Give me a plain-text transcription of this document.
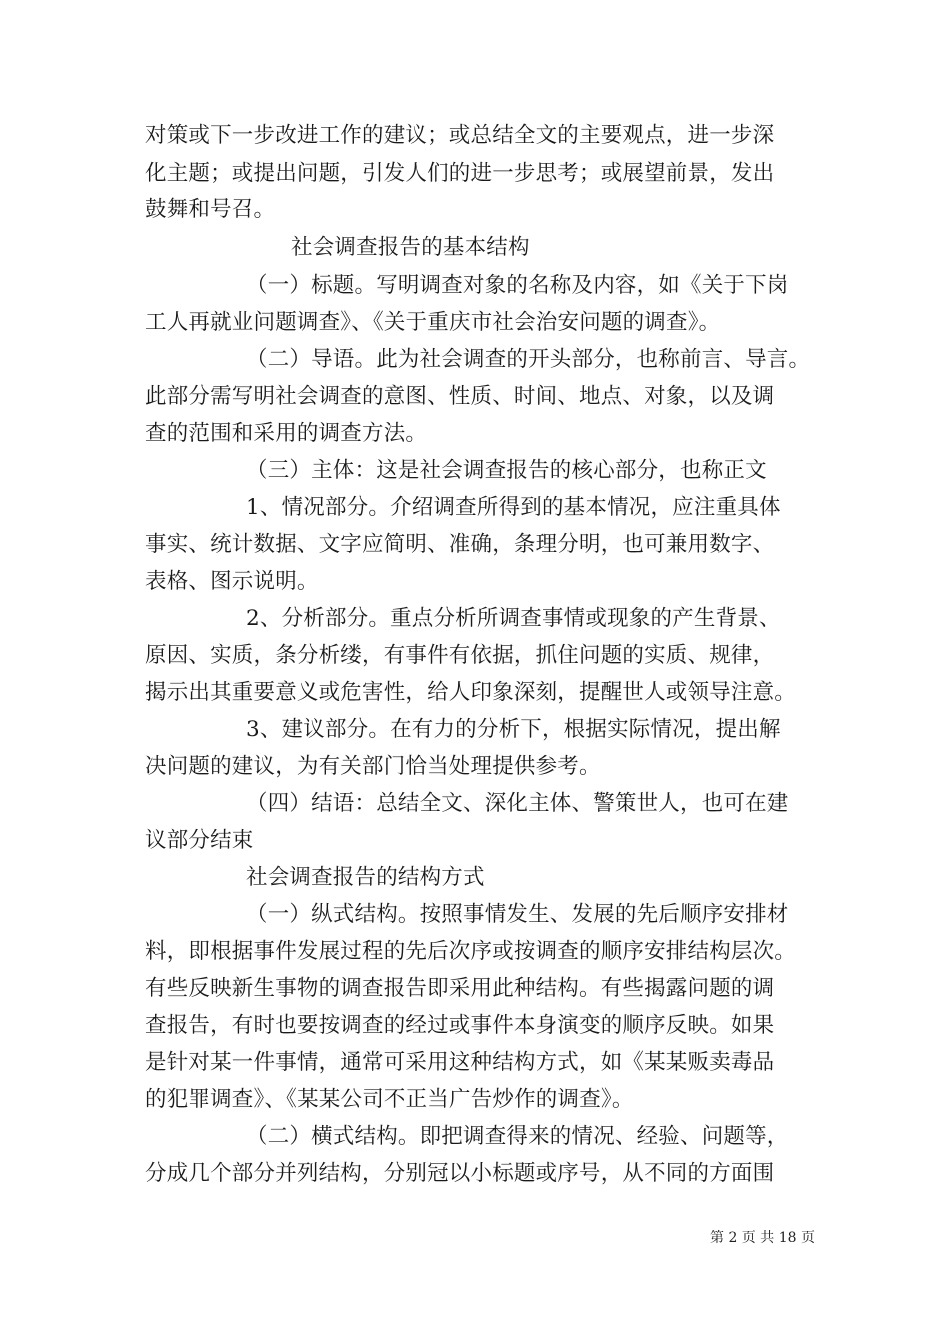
对策或下一步改进工作的建议；或总结全文的主要观点，进一步深
化主题；或提出问题，引发人们的进一步思考；或展望前景，发出
鼓舞和号召。
社会调查报告的基本结构
（一）标题。写明调查对象的名称及内容，如《关于下岗
工人再就业问题调查》、《关于重庆市社会治安问题的调查》。
（二）导语。此为社会调查的开头部分，也称前言、导言。
此部分需写明社会调查的意图、性质、时间、地点、对象，以及调
查的范围和采用的调查方法。
（三）主体：这是社会调查报告的核心部分，也称正文
1、情况部分。介绍调查所得到的基本情况，应注重具体
事实、统计数据、文字应简明、准确，条理分明，也可兼用数字、
表格、图示说明。
2、分析部分。重点分析所调查事情或现象的产生背景、
原因、实质，条分析缕，有事件有依据，抓住问题的实质、规律，
揭示出其重要意义或危害性，给人印象深刻，提醒世人或领导注意。
3、建议部分。在有力的分析下，根据实际情况，提出解
决问题的建议，为有关部门恰当处理提供参考。
（四）结语：总结全文、深化主体、警策世人，也可在建
议部分结束
社会调查报告的结构方式
（一）纵式结构。按照事情发生、发展的先后顺序安排材
料，即根据事件发展过程的先后次序或按调查的顺序安排结构层次。
有些反映新生事物的调查报告即采用此种结构。有些揭露问题的调
查报告，有时也要按调查的经过或事件本身演变的顺序反映。如果
是针对某一件事情，通常可采用这种结构方式，如《某某贩卖毒品
的犯罪调查》、《某某公司不正当广告炒作的调查》。
（二）横式结构。即把调查得来的情况、经验、问题等，
分成几个部分并列结构，分别冠以小标题或序号，从不同的方面围
第 2 页 共 18 页
